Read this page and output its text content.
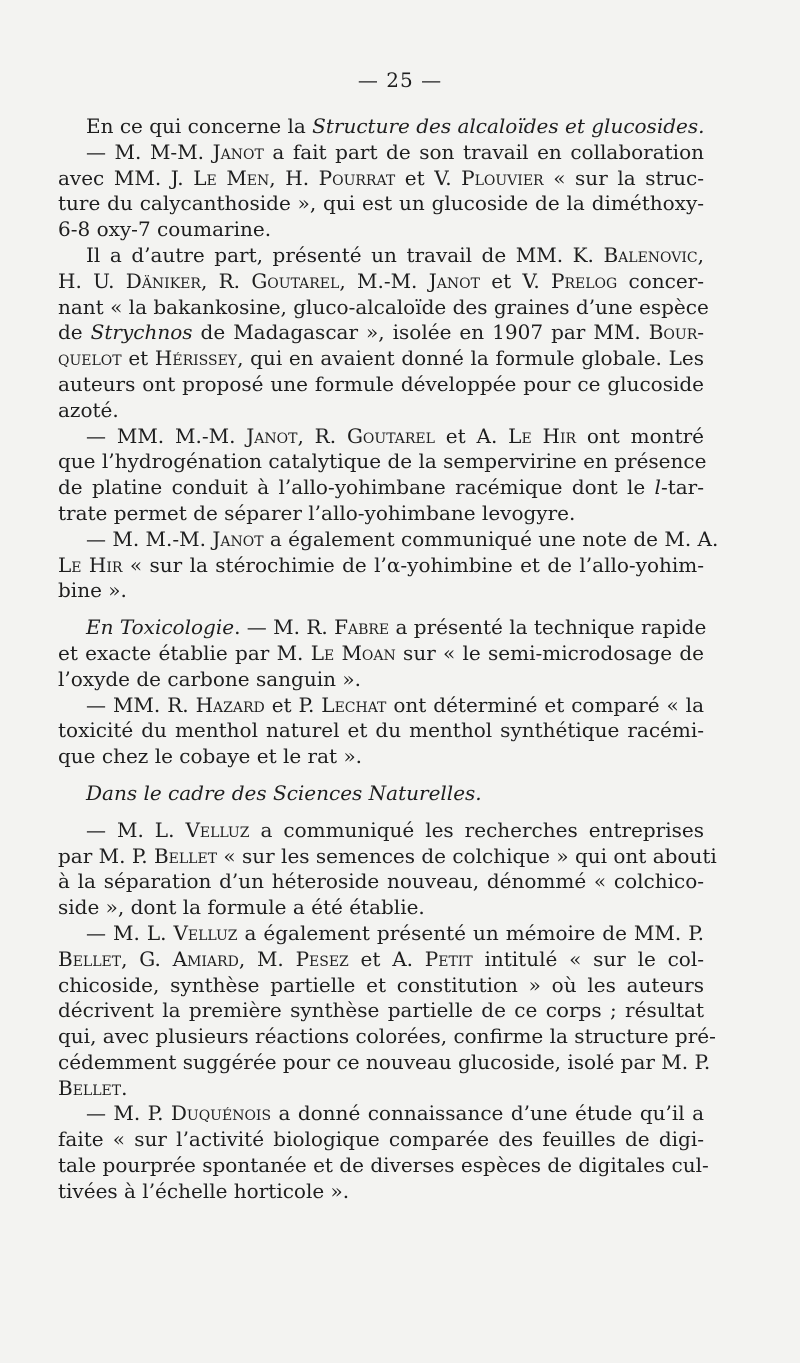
— 25 —
En ce qui concerne la Structure des alcaloïdes et glucosides.
— M. M-M. Janot a fait part de son travail en collaboration
avec MM. J. Le Men, H. Pourrat et V. Plouvier « sur la struc-
ture du calycanthoside », qui est un glucoside de la diméthoxy-
6-8 oxy-7 coumarine.
Il a d’autre part, présenté un travail de MM. K. Balenovic,
H. U. Däniker, R. Goutarel, M.-M. Janot et V. Prelog concer-
nant « la bakankosine, gluco-alcaloïde des graines d’une espèce
de Strychnos de Madagascar », isolée en 1907 par MM. Bour-
quelot et Hérissey, qui en avaient donné la formule globale. Les
auteurs ont proposé une formule développée pour ce glucoside
azoté.
— MM. M.-M. Janot, R. Goutarel et A. Le Hir ont montré
que l’hydrogénation catalytique de la sempervirine en présence
de platine conduit à l’allo-yohimbane racémique dont le l-tar-
trate permet de séparer l’allo-yohimbane levogyre.
— M. M.-M. Janot a également communiqué une note de M. A.
Le Hir « sur la stérochimie de l’α-yohimbine et de l’allo-yohim-
bine ».
En Toxicologie. — M. R. Fabre a présenté la technique rapide
et exacte établie par M. Le Moan sur « le semi-microdosage de
l’oxyde de carbone sanguin ».
— MM. R. Hazard et P. Lechat ont déterminé et comparé « la
toxicité du menthol naturel et du menthol synthétique racémi-
que chez le cobaye et le rat ».
Dans le cadre des Sciences Naturelles.
— M. L. Velluz a communiqué les recherches entreprises
par M. P. Bellet « sur les semences de colchique » qui ont abouti
à la séparation d’un héteroside nouveau, dénommé « colchico-
side », dont la formule a été établie.
— M. L. Velluz a également présenté un mémoire de MM. P.
Bellet, G. Amiard, M. Pesez et A. Petit intitulé « sur le col-
chicoside, synthèse partielle et constitution » où les auteurs
décrivent la première synthèse partielle de ce corps ; résultat
qui, avec plusieurs réactions colorées, confirme la structure pré-
cédemment suggérée pour ce nouveau glucoside, isolé par M. P.
Bellet.
— M. P. Duquénois a donné connaissance d’une étude qu’il a
faite « sur l’activité biologique comparée des feuilles de digi-
tale pourprée spontanée et de diverses espèces de digitales cul-
tivées à l’échelle horticole ».
